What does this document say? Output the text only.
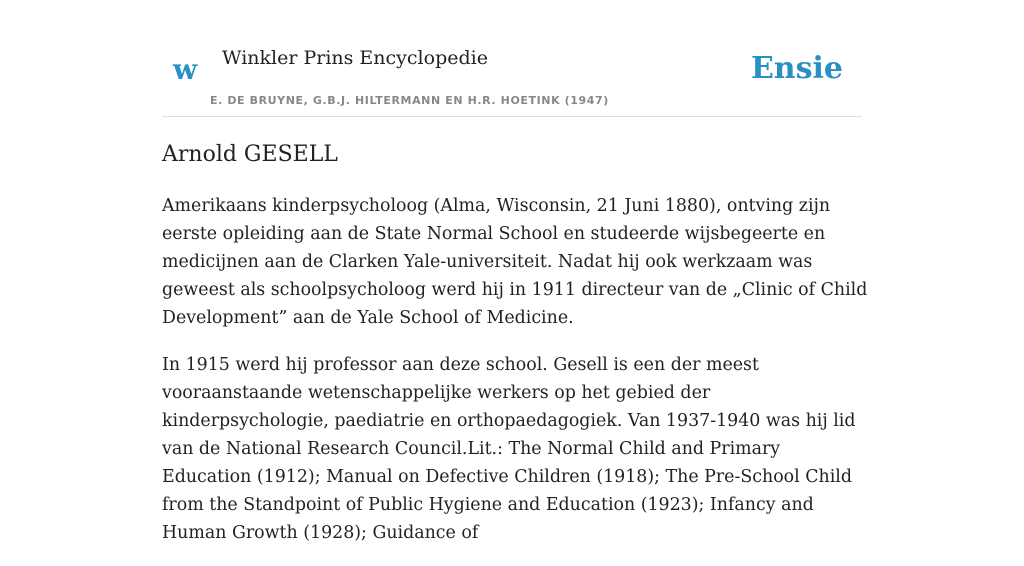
w Winkler Prins Encyclopedie
E. DE BRUYNE, G.B.J. HILTERMANN EN H.R. HOETINK (1947)
Ensie
Arnold GESELL

Amerikaans kinderpsycholoog (Alma, Wisconsin, 21 Juni 1880), ontving zijn eerste opleiding aan de State Normal School en studeerde wijsbegeerte en medicijnen aan de Clarken Yale-universiteit. Nadat hij ook werkzaam was geweest als schoolpsycholoog werd hij in 1911 directeur van de „Clinic of Child Development” aan de Yale School of Medicine.

In 1915 werd hij professor aan deze school. Gesell is een der meest vooraanstaande wetenschappelijke werkers op het gebied der kinderpsychologie, paediatrie en orthopaedagogiek. Van 1937-1940 was hij lid van de National Research Council.Lit.: The Normal Child and Primary Education (1912); Manual on Defective Children (1918); The Pre-School Child from the Standpoint of Public Hygiene and Education (1923); Infancy and Human Growth (1928); Guidance of
